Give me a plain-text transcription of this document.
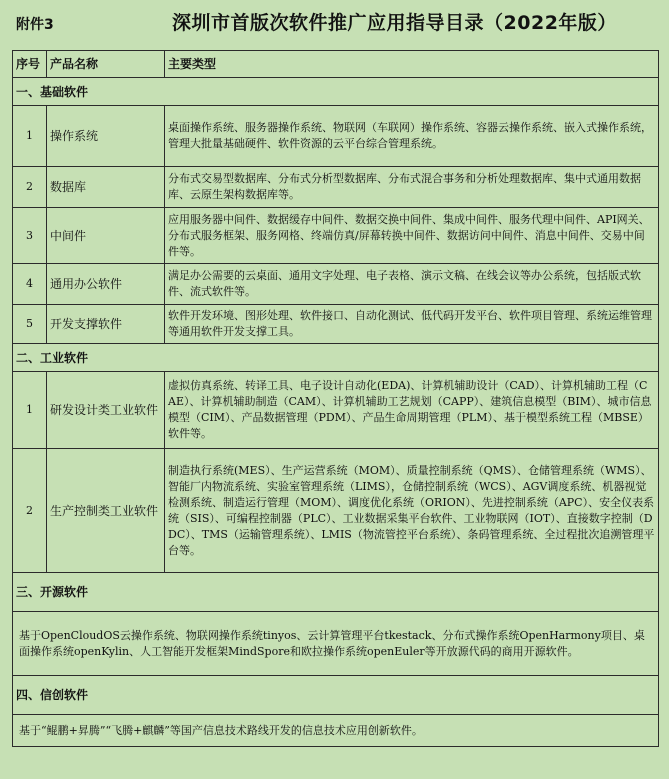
附件3	深圳市首版次软件推广应用指导目录（2022年版）
序号	产品名称	主要类型
一、基础软件		
1	操作系统	桌面操作系统、服务器操作系统、物联网（车联网）操作系统、容器云操作系统、嵌入式操作系统，管理大批量基础硬件、软件资源的云平台综合管理系统。
2	数据库	分布式交易型数据库、分布式分析型数据库、分布式混合事务和分析处理数据库、集中式通用数据库、云原生架构数据库等。
3	中间件	应用服务器中间件、数据缓存中间件、数据交换中间件、集成中间件、服务代理中间件、API网关、分布式服务框架、服务网格、终端仿真/屏幕转换中间件、数据访问中间件、消息中间件、交易中间件等。
4	通用办公软件	满足办公需要的云桌面、通用文字处理、电子表格、演示文稿、在线会议等办公系统，包括版式软件、流式软件等。
5	开发支撑软件	软件开发环境、图形处理、软件接口、自动化测试、低代码开发平台、软件项目管理、系统运维管理等通用软件开发支撑工具。
二、工业软件		
1	研发设计类工业软件	虚拟仿真系统、转译工具、电子设计自动化(EDA)、计算机辅助设计（CAD）、计算机辅助工程（CAE）、计算机辅助制造（CAM）、计算机辅助工艺规划（CAPP）、建筑信息模型（BIM）、城市信息模型（CIM）、产品数据管理（PDM）、产品生命周期管理（PLM）、基于模型系统工程（MBSE）软件等。
2	生产控制类工业软件	制造执行系统(MES）、生产运营系统（MOM）、质量控制系统（QMS）、仓储管理系统（WMS）、智能厂内物流系统、实验室管理系统（LIMS），仓储控制系统（WCS）、AGV调度系统、机器视觉检测系统、制造运行管理（MOM）、调度优化系统（ORION）、先进控制系统（APC）、安全仪表系统（SIS）、可编程控制器（PLC）、工业数据采集平台软件、工业物联网（IOT）、直接数字控制（DDC）、TMS（运输管理系统）、LMIS（物流管控平台系统）、条码管理系统、全过程批次追溯管理平台等。
三、开源软件		
基于OpenCloudOS云操作系统、物联网操作系统tinyos、云计算管理平台tkestack、分布式操作系统OpenHarmony项目、桌面操作系统openKylin、人工智能开发框架MindSpore和欧拉操作系统openEuler等开放源代码的商用开源软件。		
四、信创软件		
基于“鲲鹏+昇腾”“飞腾+麒麟”等国产信息技术路线开发的信息技术应用创新软件。		
